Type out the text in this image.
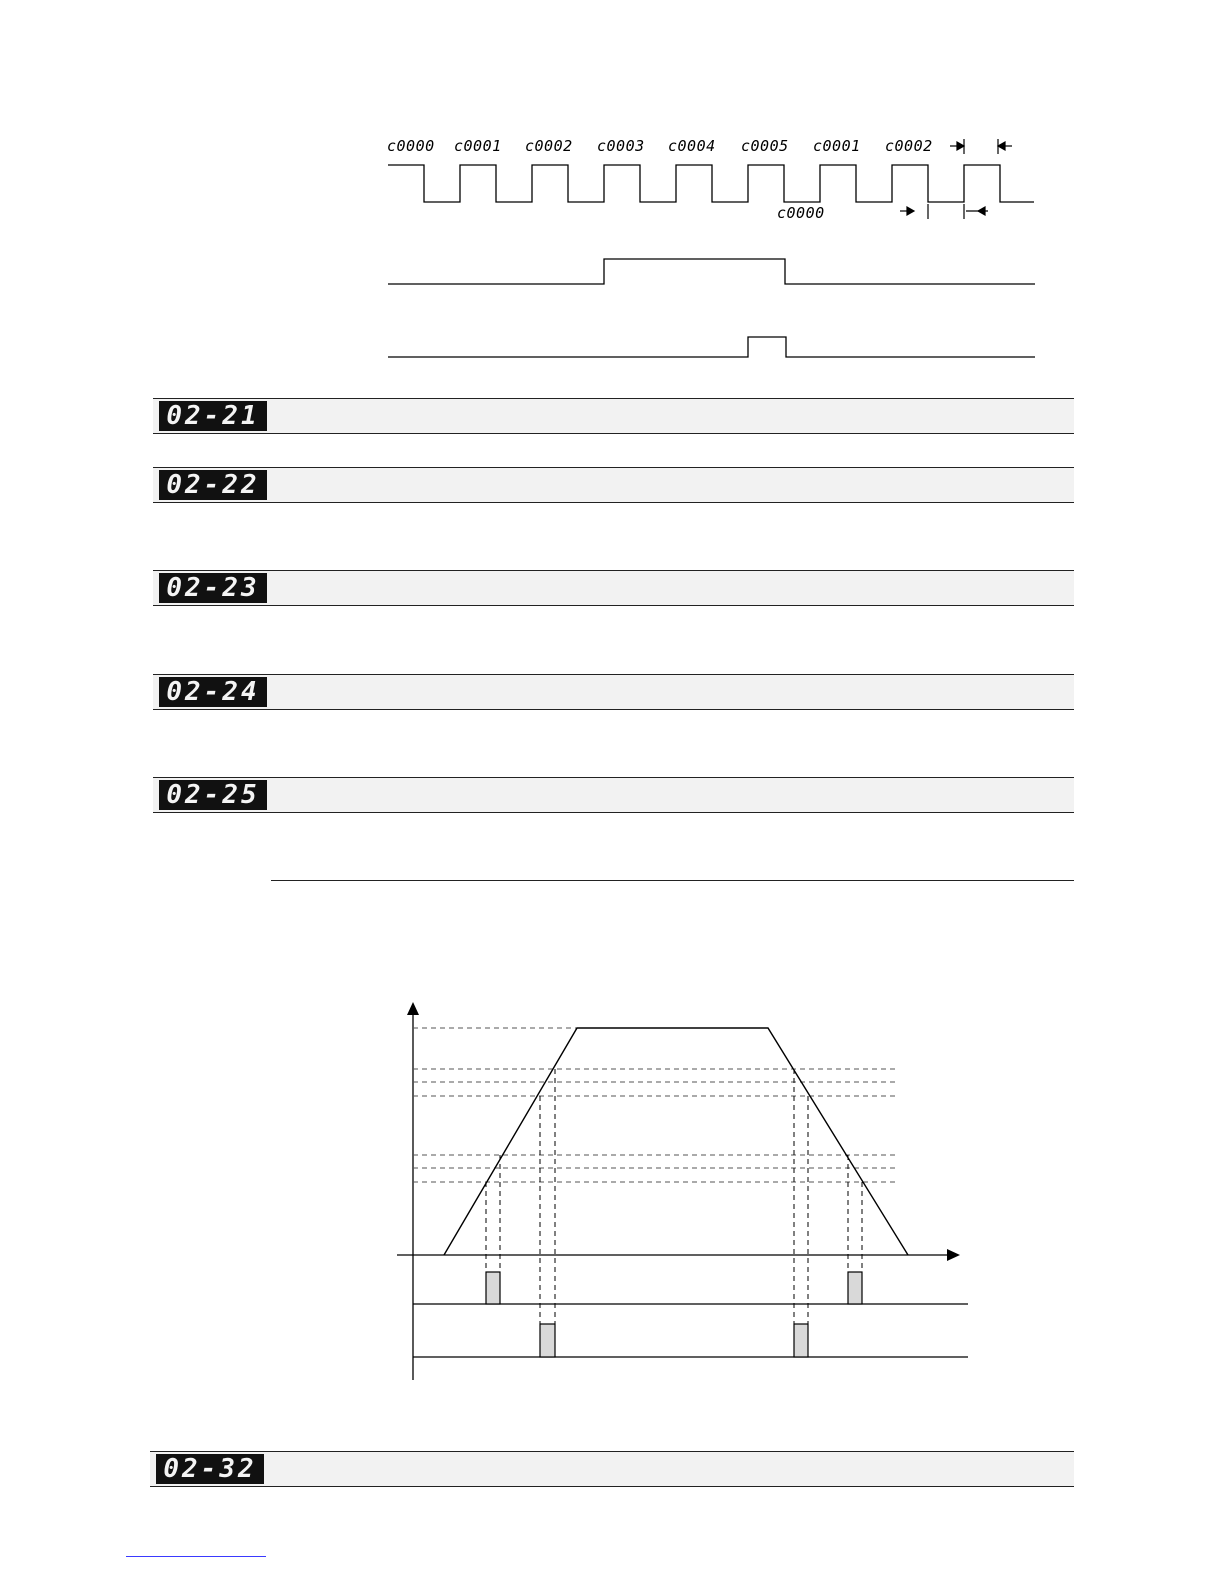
c0000 c0001 c0002 c0003 c0004 c0005 c0001 c0002
c0000
02-21
02-22
02-23
02-24
02-25
02-32
